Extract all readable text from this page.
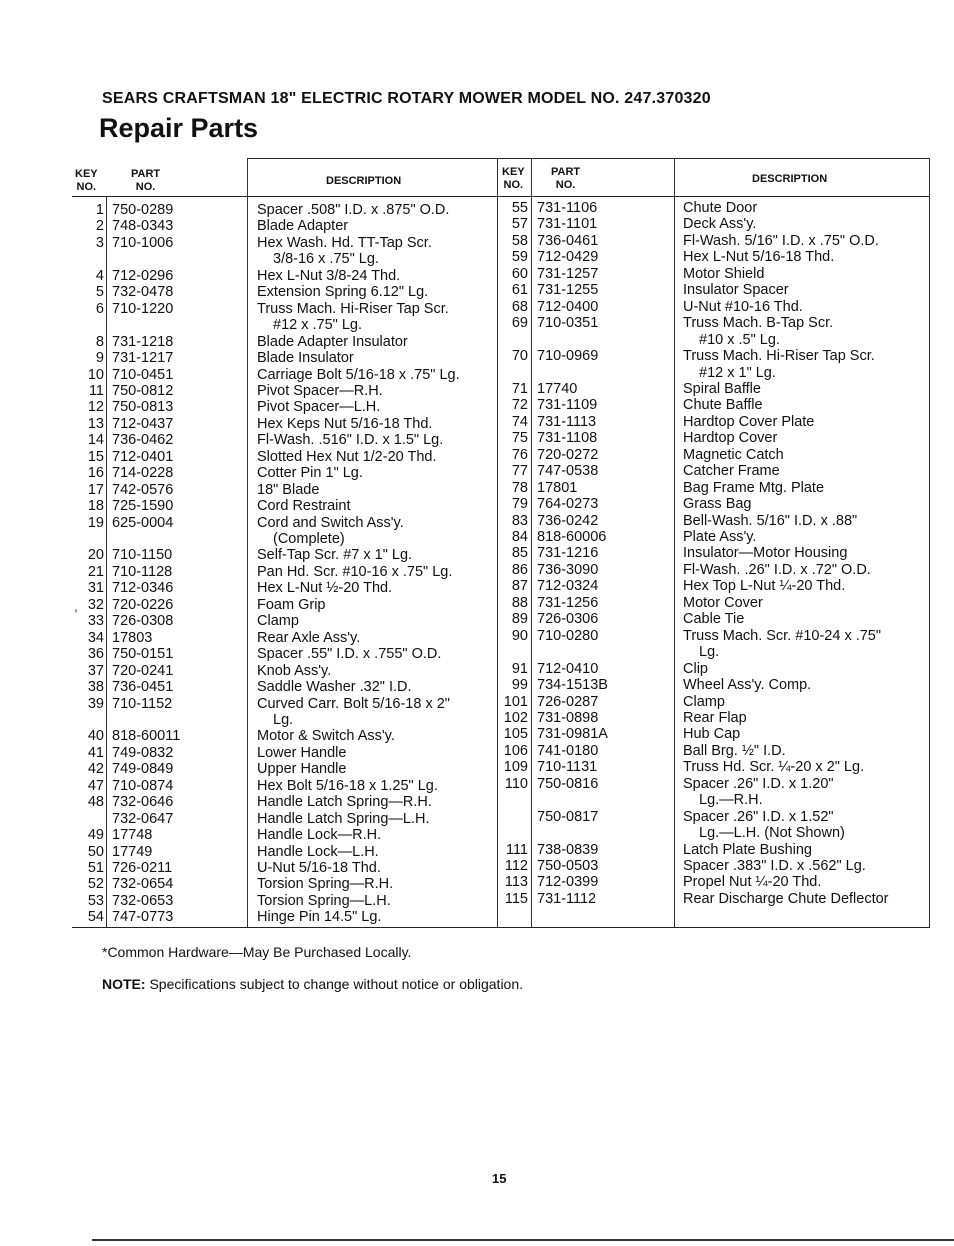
SEARS CRAFTSMAN 18" ELECTRIC ROTARY MOWER MODEL NO. 247.370320
Repair Parts
KEY
NO.
PART
NO.	DESCRIPTION
KEY
NO.
PART
NO.	DESCRIPTION
1 750-0289	Spacer .508" I.D. x .875" O.D.
2 748-0343	Blade Adapter
3 710-1006	Hex Wash. Hd. TT-Tap Scr.
3/8-16 x .75" Lg.
4 712-0296	Hex L-Nut 3/8-24 Thd.
5 732-0478	Extension Spring 6.12" Lg.
6 710-1220	Truss Mach. Hi-Riser Tap Scr.
#12 x .75" Lg.
8 731-1218	Blade Adapter Insulator
9 731-1217	Blade Insulator
10 710-0451	Carriage Bolt 5/16-18 x .75" Lg.
11 750-0812	Pivot Spacer—R.H.
12 750-0813	Pivot Spacer—L.H.
13 712-0437	Hex Keps Nut 5/16-18 Thd.
14 736-0462	Fl-Wash. .516" I.D. x 1.5" Lg.
15 712-0401	Slotted Hex Nut 1/2-20 Thd.
16 714-0228	Cotter Pin 1" Lg.
17 742-0576	18" Blade
18 725-1590	Cord Restraint
19 625-0004	Cord and Switch Ass'y.
(Complete)
20 710-1150	Self-Tap Scr. #7 x 1" Lg.
21 710-1128	Pan Hd. Scr. #10-16 x .75" Lg.
31 712-0346	Hex L-Nut ½-20 Thd.
32 720-0226	Foam Grip
33 726-0308	Clamp
34 17803	Rear Axle Ass'y.
36 750-0151	Spacer .55" I.D. x .755" O.D.
37 720-0241	Knob Ass'y.
38 736-0451	Saddle Washer .32" I.D.
39 710-1152	Curved Carr. Bolt 5/16-18 x 2"
Lg.
40 818-60011	Motor & Switch Ass'y.
41 749-0832	Lower Handle
42 749-0849	Upper Handle
47 710-0874	Hex Bolt 5/16-18 x 1.25" Lg.
48 732-0646	Handle Latch Spring—R.H.
732-0647	Handle Latch Spring—L.H.
49 17748	Handle Lock—R.H.
50 17749	Handle Lock—L.H.
51 726-0211	U-Nut 5/16-18 Thd.
52 732-0654	Torsion Spring—R.H.
53 732-0653	Torsion Spring—L.H.
54 747-0773	Hinge Pin 14.5" Lg.
55 731-1106	Chute Door
57 731-1101	Deck Ass'y.
58 736-0461	Fl-Wash. 5/16" I.D. x .75" O.D.
59 712-0429	Hex L-Nut 5/16-18 Thd.
60 731-1257	Motor Shield
61 731-1255	Insulator Spacer
68 712-0400	U-Nut #10-16 Thd.
69 710-0351	Truss Mach. B-Tap Scr.
#10 x .5" Lg.
70 710-0969	Truss Mach. Hi-Riser Tap Scr.
#12 x 1" Lg.
71 17740	Spiral Baffle
72 731-1109	Chute Baffle
74 731-1113	Hardtop Cover Plate
75 731-1108	Hardtop Cover
76 720-0272	Magnetic Catch
77 747-0538	Catcher Frame
78 17801	Bag Frame Mtg. Plate
79 764-0273	Grass Bag
83 736-0242	Bell-Wash. 5/16" I.D. x .88"
84 818-60006	Plate Ass'y.
85 731-1216	Insulator—Motor Housing
86 736-3090	Fl-Wash. .26" I.D. x .72" O.D.
87 712-0324	Hex Top L-Nut ¼-20 Thd.
88 731-1256	Motor Cover
89 726-0306	Cable Tie
90 710-0280	Truss Mach. Scr. #10-24 x .75"
Lg.
91 712-0410	Clip
99 734-1513B	Wheel Ass'y. Comp.
101 726-0287	Clamp
102 731-0898	Rear Flap
105 731-0981A	Hub Cap
106 741-0180	Ball Brg. ½" I.D.
109 710-1131	Truss Hd. Scr. ¼-20 x 2" Lg.
110 750-0816	Spacer .26" I.D. x 1.20"
Lg.—R.H.
750-0817	Spacer .26" I.D. x 1.52"
Lg.—L.H. (Not Shown)
111 738-0839	Latch Plate Bushing
112 750-0503	Spacer .383" I.D. x .562" Lg.
113 712-0399	Propel Nut ¼-20 Thd.
115 731-1112	Rear Discharge Chute Deflector
,
*Common Hardware—May Be Purchased Locally.
NOTE: Specifications subject to change without notice or obligation.
15
